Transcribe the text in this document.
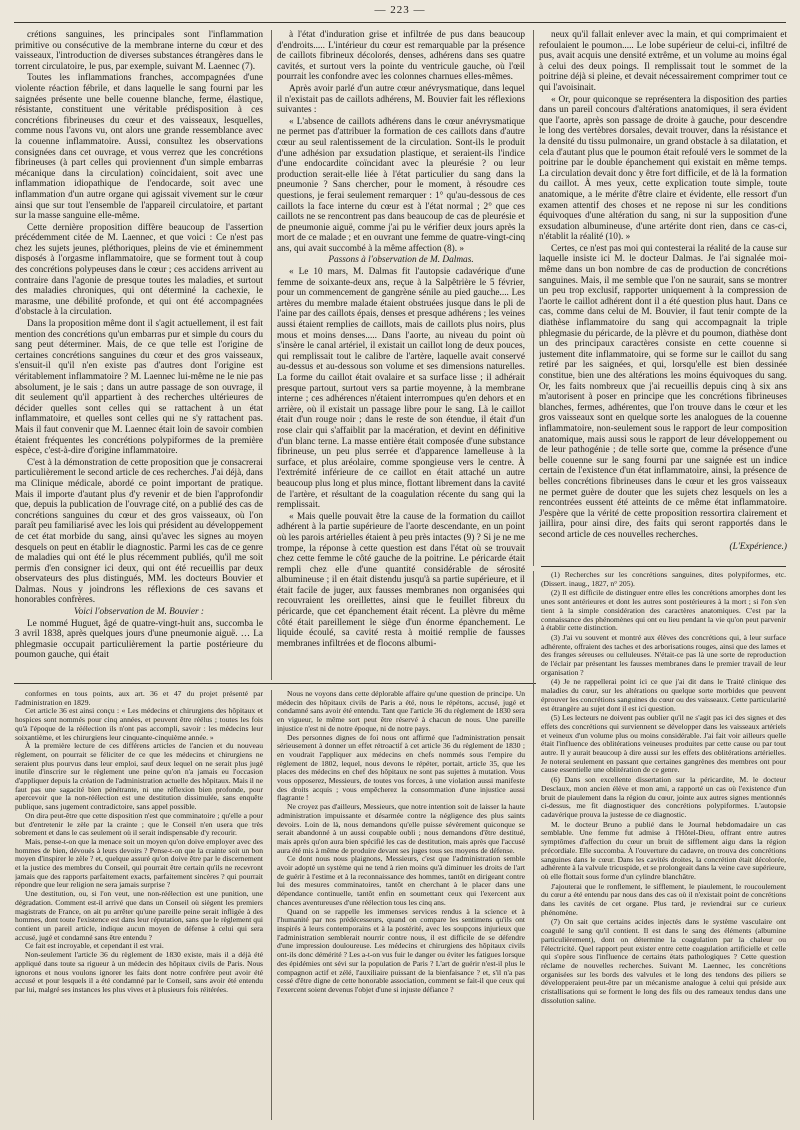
— 223 —

crétions sanguines, les principales sont l'inflammation primitive ou consécutive de la membrane interne du cœur et des vaisseaux, l'introduction de diverses substances étrangères dans le torrent circulatoire, le pus, par exemple, suivant M. Laennec (7).

Toutes les inflammations franches, accompagnées d'une violente réaction fébrile, et dans laquelle le sang fourni par les saignées présente une belle couenne blanche, ferme, élastique, résistante, constituent une véritable prédisposition à ces concrétions fibrineuses du cœur et des vaisseaux, lesquelles, comme nous l'avons vu, ont alors une grande ressemblance avec la couenne inflammatoire. Aussi, consultez les observations consignées dans cet ouvrage, et vous verrez que les concrétions fibrineuses (à part celles qui proviennent d'un simple embarras mécanique dans la circulation) coïncidaient, soit avec une inflammation idiopathique de l'endocarde, soit avec une inflammation d'un autre organe qui agissait vivement sur le cœur ainsi que sur tout l'ensemble de l'appareil circulatoire, et partant sur la masse sanguine elle-même.

Cette dernière proposition diffère beaucoup de l'assertion précédemment citée de M. Laennec, et que voici : Ce n'est pas chez les sujets jeunes, pléthoriques, pleins de vie et éminemment disposés à l'orgasme inflammatoire, que se forment tout à coup des concrétions polypeuses dans le cœur ; ces accidens arrivent au contraire dans l'agonie de presque toutes les maladies, et surtout des maladies chroniques, qui ont déterminé la cachexie, le marasme, une débilité profonde, et qui ont été accompagnées d'obstacle à la circulation.

Dans la proposition même dont il s'agit actuellement, il est fait mention des concrétions qu'un embarras pur et simple du cours du sang peut déterminer. Mais, de ce que telle est l'origine de certaines concrétions sanguines du cœur et des gros vaisseaux, s'ensuit-il qu'il n'en existe pas d'autres dont l'origine est véritablement inflammatoire ? M. Laennec lui-même ne le nie pas absolument, je le sais ; dans un autre passage de son ouvrage, il dit seulement qu'il appartient à des recherches ultérieures de décider quelles sont celles qui se rattachent à un état inflammatoire, et quelles sont celles qui ne s'y rattachent pas. Mais il faut convenir que M. Laennec était loin de savoir combien étaient fréquentes les concrétions polypiformes de la première espèce, c'est-à-dire d'origine inflammatoire.

C'est à la démonstration de cette proposition que je consacrerai particulièrement le second article de ces recherches. J'ai déjà, dans ma Clinique médicale, abordé ce point important de pratique. Mais il importe d'autant plus d'y revenir et de bien l'approfondir que, depuis la publication de l'ouvrage cité, on a publié des cas de concrétions sanguines du cœur et des gros vaisseaux, où l'on paraît peu familiarisé avec les lois qui président au développement de cet état morbide du sang, ainsi qu'avec les signes au moyen desquels on peut en établir le diagnostic. Parmi les cas de ce genre de maladies qui ont été le plus récemment publiés, qu'il me soit permis d'en consigner ici deux, qui ont été recueillis par deux observateurs des plus distingués, MM. les docteurs Bouvier et Dalmas. Nous y joindrons les réflexions de ces savans et honorables confrères.

Voici l'observation de M. Bouvier :

Le nommé Huguet, âgé de quatre-vingt-huit ans, succomba le 3 avril 1838, après quelques jours d'une pneumonie aiguë. … La phlegmasie occupait particulièrement la partie postérieure du poumon gauche, qui était

à l'état d'induration grise et infiltrée de pus dans beaucoup d'endroits..... L'intérieur du cœur est remarquable par la présence de caillots fibrineux décolorés, denses, adhérens dans ses quatre cavités, et surtout vers la pointe du ventricule gauche, où l'œil pourrait les confondre avec les colonnes charnues elles-mêmes.

Après avoir parlé d'un autre cœur anévrysmatique, dans lequel il n'existait pas de caillots adhérens, M. Bouvier fait les réflexions suivantes :

« L'absence de caillots adhérens dans le cœur anévrysmatique ne permet pas d'attribuer la formation de ces caillots dans d'autre cœur au seul ralentissement de la circulation. Sont-ils le produit d'une adhésion par exsudation plastique, et seraient-ils l'indice d'une endocardite coïncidant avec la pleurésie ? ou leur production serait-elle liée à l'état particulier du sang dans la pneumonie ? Sans chercher, pour le moment, à résoudre ces questions, je ferai seulement remarquer : 1° qu'au-dessous de ces caillots la face interne du cœur est à l'état normal ; 2° que ces caillots ne se rencontrent pas dans beaucoup de cas de pleurésie et de pneumonie aiguë, comme j'ai pu le vérifier deux jours après la mort de ce malade ; et en ouvrant une femme de quatre-vingt-cinq ans, qui avait succombé à la même affection (8). »

Passons à l'observation de M. Dalmas.

« Le 10 mars, M. Dalmas fit l'autopsie cadavérique d'une femme de soixante-deux ans, reçue à la Salpêtrière le 5 février, pour un commencement de gangrène sénile au pied gauche.... Les artères du membre malade étaient obstruées jusque dans le pli de l'aine par des caillots épais, denses et presque adhérens ; les veines aussi étaient remplies de caillots, mais de caillots plus noirs, plus mous et moins denses..... Dans l'aorte, au niveau du point où s'insère le canal artériel, il existait un caillot long de deux pouces, qui remplissait tout le calibre de l'artère, laquelle avait conservé au-dessus et au-dessous son volume et ses dimensions naturelles. La forme du caillot était ovalaire et sa surface lisse ; il adhérait presque partout, surtout vers sa partie moyenne, à la membrane interne ; ces adhérences n'étaient interrompues qu'en dehors et en arrière, où il existait un passage libre pour le sang. Là le caillot était d'un rouge noir ; dans le reste de son étendue, il était d'un rose clair qui s'affaiblit par la macération, et devint en définitive d'un blanc terne. La masse entière était composée d'une substance fibrineuse, un peu plus serrée et d'apparence lamelleuse à la surface, et plus aréolaire, comme spongieuse vers le centre. À l'extrémité inférieure de ce caillot en était attaché un autre beaucoup plus long et plus mince, flottant librement dans la cavité de l'artère, et résultant de la coagulation récente du sang qui la remplissait.

« Mais quelle pouvait être la cause de la formation du caillot adhérent à la partie supérieure de l'aorte descendante, en un point où les parois artérielles étaient à peu près intactes (9) ? Si je ne me trompe, la réponse à cette question est dans l'état où se trouvait chez cette femme le côté gauche de la poitrine. Le péricarde était rempli chez elle d'une quantité considérable de sérosité albumineuse ; il en était distendu jusqu'à sa partie supérieure, et il était facile de juger, aux fausses membranes non organisées qui recouvraient les oreillettes, ainsi que le feuillet fibreux du péricarde, que cet épanchement était récent. La plèvre du même côté était pareillement le siège d'un énorme épanchement. Le liquide écoulé, sa cavité resta à moitié remplie de fausses membranes infiltrées et de flocons albumi-

neux qu'il fallait enlever avec la main, et qui comprimaient et refoulaient le poumon..... Le lobe supérieur de celui-ci, infiltré de pus, avait acquis une densité extrême, et un volume au moins égal à celui des deux poings. Il remplissait tout le sommet de la poitrine déjà si pleine, et devait nécessairement comprimer tout ce qui l'avoisinait.

« Or, pour quiconque se représentera la disposition des parties dans un pareil concours d'altérations anatomiques, il sera évident que l'aorte, après son passage de droite à gauche, pour descendre le long des vertèbres dorsales, devait trouver, dans la résistance et la densité du tissu pulmonaire, un grand obstacle à sa dilatation, et cela d'autant plus que le poumon était refoulé vers le sommet de la poitrine par le double épanchement qui existait en même temps. La circulation devait donc y être fort difficile, et de là la formation du caillot. À mes yeux, cette explication toute simple, toute anatomique, a le mérite d'être claire et évidente, elle ressort d'un examen attentif des choses et ne repose ni sur les conditions équivoques d'une altération du sang, ni sur la supposition d'une exsudation albumineuse, d'une artérite dont rien, dans ce cas-ci, n'établit la réalité (10). »

Certes, ce n'est pas moi qui contesterai la réalité de la cause sur laquelle insiste ici M. le docteur Dalmas. Je l'ai signalée moi-même dans un bon nombre de cas de production de concrétions sanguines. Mais, il me semble que l'on ne saurait, sans se montrer un peu trop exclusif, rapporter uniquement à la compression de l'aorte le caillot adhérent dont il a été question plus haut. Dans ce cas, comme dans celui de M. Bouvier, il faut tenir compte de la diathèse inflammatoire du sang qui accompagnait la triple phlegmasie du péricarde, de la plèvre et du poumon, diathèse dont un des principaux caractères consiste en cette couenne si justement dite inflammatoire, qui se forme sur le caillot du sang retiré par les saignées, et qui, lorsqu'elle est bien dessinée constitue, bien une des altérations les moins équivoques du sang. Or, les faits nombreux que j'ai recueillis depuis cinq à six ans m'autorisent à poser en principe que les concrétions fibrineuses blanches, fermes, adhérentes, que l'on trouve dans le cœur et les gros vaisseaux sont en quelque sorte les analogues de la couenne inflammatoire, non-seulement sous le rapport de leur composition anatomique, mais aussi sous le rapport de leur développement ou de leur pathogénie ; de telle sorte que, comme la présence d'une belle couenne sur le sang fourni par une saignée est un indice certain de l'existence d'un état inflammatoire, ainsi, la présence de belles concrétions fibrineuses dans le cœur et les gros vaisseaux ne permet guère de douter que les sujets chez lesquels on les a rencontrées eussent été atteints de ce même état inflammatoire. J'espère que la vérité de cette proposition ressortira clairement et jaillira, pour ainsi dire, des faits qui seront rapportés dans le second article de ces nouvelles recherches.

(L'Expérience.)

(1) Recherches sur les concrétions sanguines, dites polypiformes, etc. (Dissert. inaug., 1827, n° 205).

(2) Il est difficile de distinguer entre elles les concrétions amorphes dont les unes sont antérieures et dont les autres sont postérieures à la mort ; si l'on s'en tient à la simple considération des caractères anatomiques. C'est par la connaissance des phénomènes qui ont eu lieu pendant la vie qu'on peut parvenir à établir cette distinction.

(3) J'ai vu souvent et montré aux élèves des concrétions qui, à leur surface adhérente, offraient des taches et des arborisations rouges, ainsi que des lames et des franges séreuses ou celluleuses. N'était-ce pas là une sorte de reproduction de l'éclair par présentant les fausses membranes dans le premier travail de leur organisation ?

(4) Je ne rappellerai point ici ce que j'ai dit dans le Traité clinique des maladies du cœur, sur les altérations ou quelque sorte morbides que peuvent éprouver les concrétions sanguines du cœur ou des vaisseaux. Cette particularité est étrangère au sujet dont il est ici question.

(5) Les lecteurs ne doivent pas oublier qu'il ne s'agit pas ici des signes et des effets des concrétions qui surviennent se développer dans les vaisseaux artériels et veineux d'un volume plus ou moins considérable. J'ai fait voir ailleurs quelle était l'influence des oblitérations veineuses produites par cette cause ou par tout autre. Il y aurait beaucoup à dire aussi sur les effets des oblitérations artérielles. Je noterai seulement en passant que certaines gangrènes des membres ont pour cause essentielle une oblitération de ce genre.

(6) Dans son excellente dissertation sur la péricardite, M. le docteur Desclaux, mon ancien élève et mon ami, a rapporté un cas où l'existence d'un bruit de piaulement dans la région du cœur, jointe aux autres signes mentionnés ci-dessus, me fit diagnostiquer des concrétions polypiformes. L'autopsie cadavérique prouva la justesse de ce diagnostic.

M. le docteur Bruno a publié dans le Journal hebdomadaire un cas semblable. Une femme fut admise à l'Hôtel-Dieu, offrant entre autres symptômes d'affection du cœur un bruit de sifflement aigu dans la région précordiale. Elle succomba. À l'ouverture du cadavre, on trouva des concrétions sanguines dans le cœur. Dans les cavités droites, la concrétion était décolorée, adhérente à la valvule tricuspide, et se prolongeait dans la veine cave supérieure, où elle flottait sous forme d'un cylindre blanchâtre.

J'ajouterai que le ronflement, le sifflement, le piaulement, le roucoulement du cœur a été entendu par nous dans des cas où il n'existait point de concrétions dans les cavités de cet organe. Plus tard, je reviendrai sur ce curieux phénomène.

(7) On sait que certains acides injectés dans le système vasculaire ont coagulé le sang qu'il contient. Il est dans le sang des éléments (albumine particulièrement), dont on détermine la coagulation par la chaleur ou l'électricité. Quel rapport peut exister entre cette coagulation artificielle et celle qui s'opère sous l'influence de certains états pathologiques ? Cette question réclame de nouvelles recherches. Suivant M. Laennec, les concrétions organisées sur les bords des valvules et le long des tendons des piliers se développeraient peut-être par un mécanisme analogue à celui qui préside aux cristallisations qui se forment le long des fils ou des rameaux tendus dans une dissolution saline.

conformes en tous points, aux art. 36 et 47 du projet présenté par l'administration en 1829.

Cet article 36 est ainsi conçu : « Les médecins et chirurgiens des hôpitaux et hospices sont nommés pour cinq années, et peuvent être réélus ; toutes les fois qu'à l'époque de la réélection ils n'ont pas accompli, savoir : les médecins leur soixantième, et les chirurgiens leur cinquante-cinquième année. »

À la première lecture de ces différens articles de l'ancien et du nouveau règlement, on pourrait se féliciter de ce que les médecins et chirurgiens ne seraient plus pourvus dans leur emploi, sauf deux lequel on ne serait plus jugé inutile d'inscrire sur le règlement une peine qu'on n'a jamais eu l'occasion d'appliquer depuis la création de l'administration actuelle des hôpitaux. Mais il ne faut pas une sagacité bien pénétrante, ni une réflexion bien profonde, pour apercevoir que la non-réélection est une destitution dissimulée, sans enquête publique, sans jugement contradictoire, sans appel possible.

On dira peut-être que cette disposition n'est que comminatoire ; qu'elle a pour but d'entretenir le zèle par la crainte ; que le Conseil n'en usera que très sobrement et dans le cas seulement où il serait indispensable d'y recourir.

Mais, pense-t-on que la menace soit un moyen qu'on doive employer avec des hommes de bien, dévoués à leurs devoirs ? Pense-t-on que la crainte soit un bon moyen d'inspirer le zèle ? et, quelque assuré qu'on doive être par le discernement et la justice des membres du Conseil, qui pourrait être certain qu'ils ne recevront jamais que des rapports parfaitement exacts, parfaitement sincères ? qui pourrait répondre que leur religion ne sera jamais surprise ?

Une destitution, ou, si l'on veut, une non-réélection est une punition, une dégradation. Comment est-il arrivé que dans un Conseil où siègent les premiers magistrats de France, on ait pu arrêter qu'une pareille peine serait infligée à des hommes, dont toute l'existence est dans leur réputation, sans que le règlement qui contient un pareil article, indique aucun moyen de défense à celui qui sera accusé, jugé et condamné sans être entendu ?

Ce fait est incroyable, et cependant il est vrai.

Non-seulement l'article 36 du règlement de 1830 existe, mais il a déjà été appliqué dans toute sa rigueur à un médecin des hôpitaux civils de Paris. Nous ignorons et nous voulons ignorer les faits dont notre confrère peut avoir été accusé et pour lesquels il a été condamné par le Conseil, sans avoir été entendu par lui, malgré ses instances les plus vives et à plusieurs fois réitérées.

Nous ne voyons dans cette déplorable affaire qu'une question de principe. Un médecin des hôpitaux civils de Paris a été, nous le répétons, accusé, jugé et condamné sans avoir été entendu. Tant que l'article 36 du règlement de 1830 sera en vigueur, le même sort peut être réservé à chacun de nous. Une pareille injustice n'est ni de notre époque, ni de notre pays.

Des personnes dignes de foi nous ont affirmé que l'administration pensait sérieusement à donner un effet rétroactif à cet article 36 du règlement de 1830 ; en voudrait l'appliquer aux médecins en chefs nommés sous l'empire du règlement de 1802, lequel, nous devons le répéter, portait, article 35, que les places des médecins en chef des hôpitaux ne sont pas sujettes à mutation. Vous vous opposerez, Messieurs, de toutes vos forces, à une violation aussi manifeste des droits acquis ; vous empêcherez la consommation d'une injustice aussi flagrante !

Ne croyez pas d'ailleurs, Messieurs, que notre intention soit de laisser la haute administration impuissante et désarmée contre la négligence des plus saints devoirs. Loin de là, nous demandons qu'elle puisse sévèrement quiconque se serait abandonné à un aussi coupable oubli ; nous demandons d'être destitué, mais après qu'on aura bien spécifié les cas de destitution, mais après que l'accusé aura été mis à même de produire devant ses juges tous ses moyens de défense.

Ce dont nous nous plaignons, Messieurs, c'est que l'administration semble avoir adopté un système qui ne tend à rien moins qu'à diminuer les droits de l'art de guérir à l'estime et à la reconnaissance des hommes, tantôt en dirigeant contre lui des mesures comminatoires, tantôt en cherchant à le placer dans une dépendance continuelle, tantôt enfin en soumettant ceux qui l'exercent aux chances aventureuses d'une réélection tous les cinq ans.

Quand on se rappelle les immenses services rendus à la science et à l'humanité par nos prédécesseurs, quand on compare les sentimens qu'ils ont inspirés à leurs contemporains et à la postérité, avec les soupçons injurieux que l'administration semblerait nourrir contre nous, il est difficile de se défendre d'une impression douloureuse. Les médecins et chirurgiens des hôpitaux civils ont-ils donc démérité ? Les a-t-on vus fuir le danger ou éviter les fatigues lorsque des épidémies ont sévi sur la population de Paris ? L'art de guérir n'est-il plus le compagnon actif et zélé, l'auxiliaire puissant de la bienfaisance ? et, s'il n'a pas cessé d'être digne de cette honorable association, comment se fait-il que ceux qui l'exercent soient devenus l'objet d'une si injuste défiance ?
